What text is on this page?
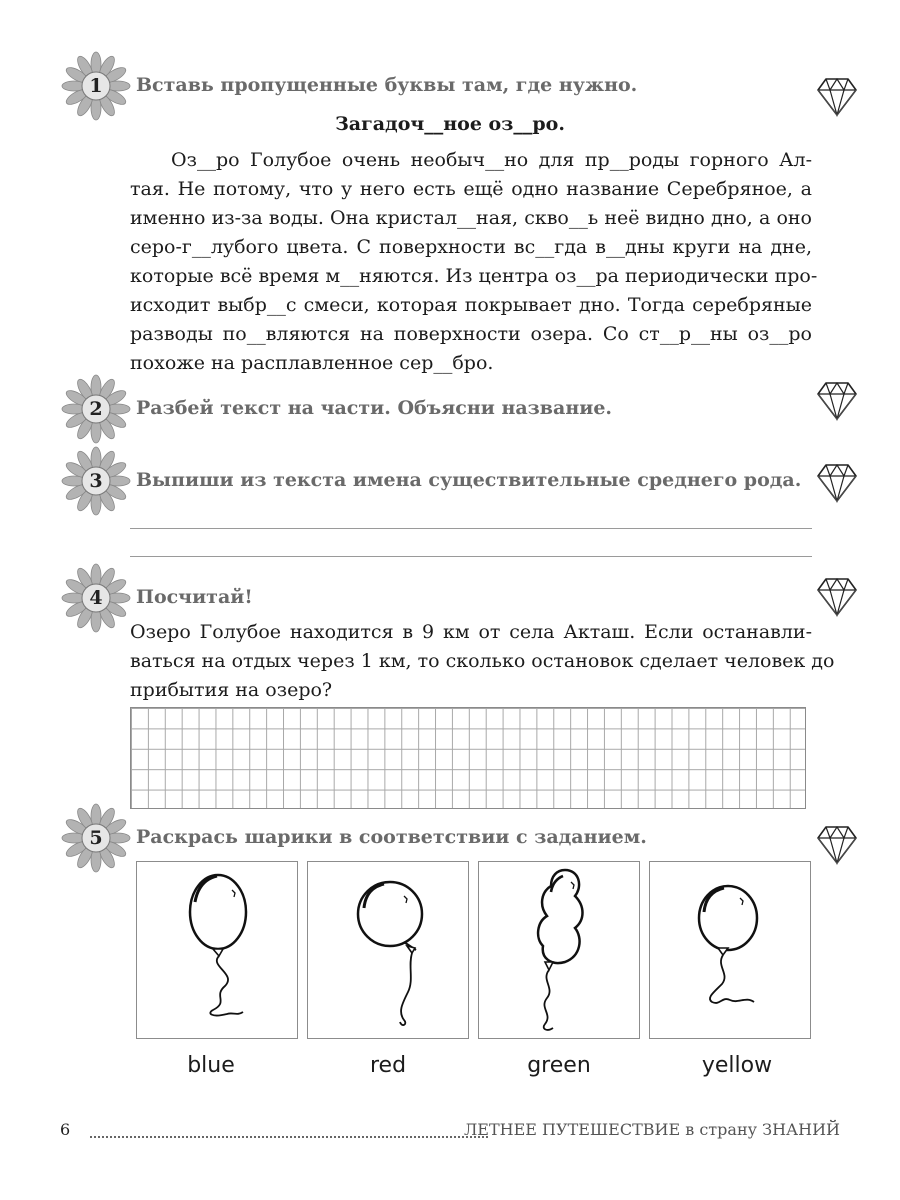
1	Вставь пропущенные буквы там, где нужно.
Загадоч__ное оз__ро.
Оз__ро Голубое очень необыч__но для пр__роды горного Ал-
тая. Не потому, что у него есть ещё одно название Серебряное, а
именно из-за воды. Она кристал__ная, скво__ь неё видно дно, а оно
серо-г__лубого цвета. С поверхности вс__гда в__дны круги на дне,
которые всё время м__няются. Из центра оз__ра периодически про-
исходит выбр__с смеси, которая покрывает дно. Тогда серебряные
разводы по__вляются на поверхности озера. Со ст__р__ны оз__ро
похоже на расплавленное сер__бро.
2	Разбей текст на части. Объясни название.
3	Выпиши из текста имена существительные среднего рода.
4	Посчитай!
Озеро Голубое находится в 9 км от села Акташ. Если останавли-
ваться на отдых через 1 км, то сколько остановок сделает человек до
прибытия на озеро?
5	Раскрась шарики в соответствии с заданием.
blue	red	green	yellow
6	ЛЕТНЕЕ ПУТЕШЕСТВИЕ в страну ЗНАНИЙ
